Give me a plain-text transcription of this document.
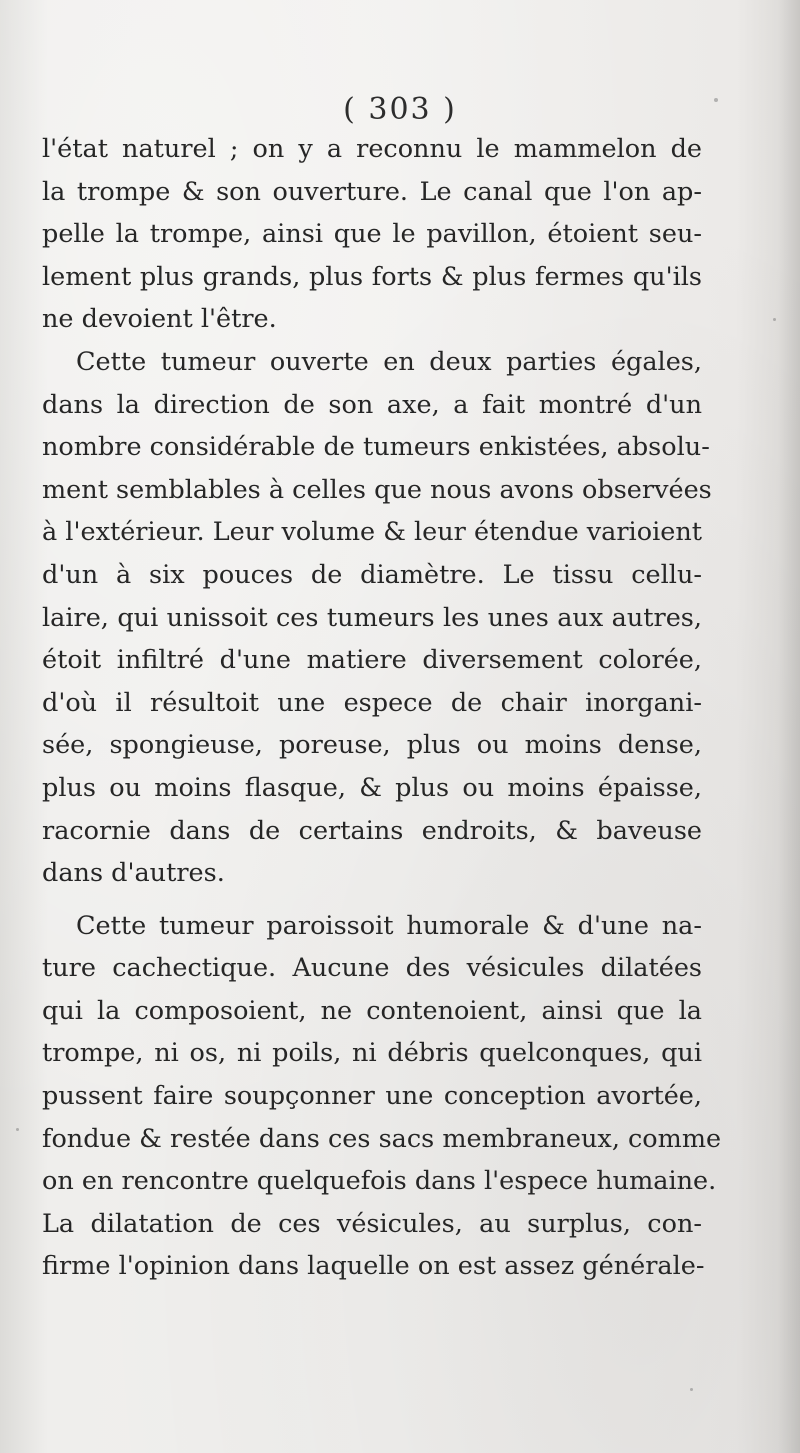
( 303 )

l'état naturel ; on y a reconnu le mammelon de
la trompe & son ouverture. Le canal que l'on ap-
pelle la trompe, ainsi que le pavillon, étoient seu-
lement plus grands, plus forts & plus fermes qu'ils
ne devoient l'être.

Cette tumeur ouverte en deux parties égales,
dans la direction de son axe, a fait montré d'un
nombre considérable de tumeurs enkistées, absolu-
ment semblables à celles que nous avons observées
à l'extérieur. Leur volume & leur étendue varioient
d'un à six pouces de diamètre. Le tissu cellu-
laire, qui unissoit ces tumeurs les unes aux autres,
étoit infiltré d'une matiere diversement colorée,
d'où il résultoit une espece de chair inorgani-
sée, spongieuse, poreuse, plus ou moins dense,
plus ou moins flasque, & plus ou moins épaisse,
racornie dans de certains endroits, & baveuse
dans d'autres.

Cette tumeur paroissoit humorale & d'une na-
ture cachectique. Aucune des vésicules dilatées
qui la composoient, ne contenoient, ainsi que la
trompe, ni os, ni poils, ni débris quelconques, qui
pussent faire soupçonner une conception avortée,
fondue & restée dans ces sacs membraneux, comme
on en rencontre quelquefois dans l'espece humaine.
La dilatation de ces vésicules, au surplus, con-
firme l'opinion dans laquelle on est assez générale-
